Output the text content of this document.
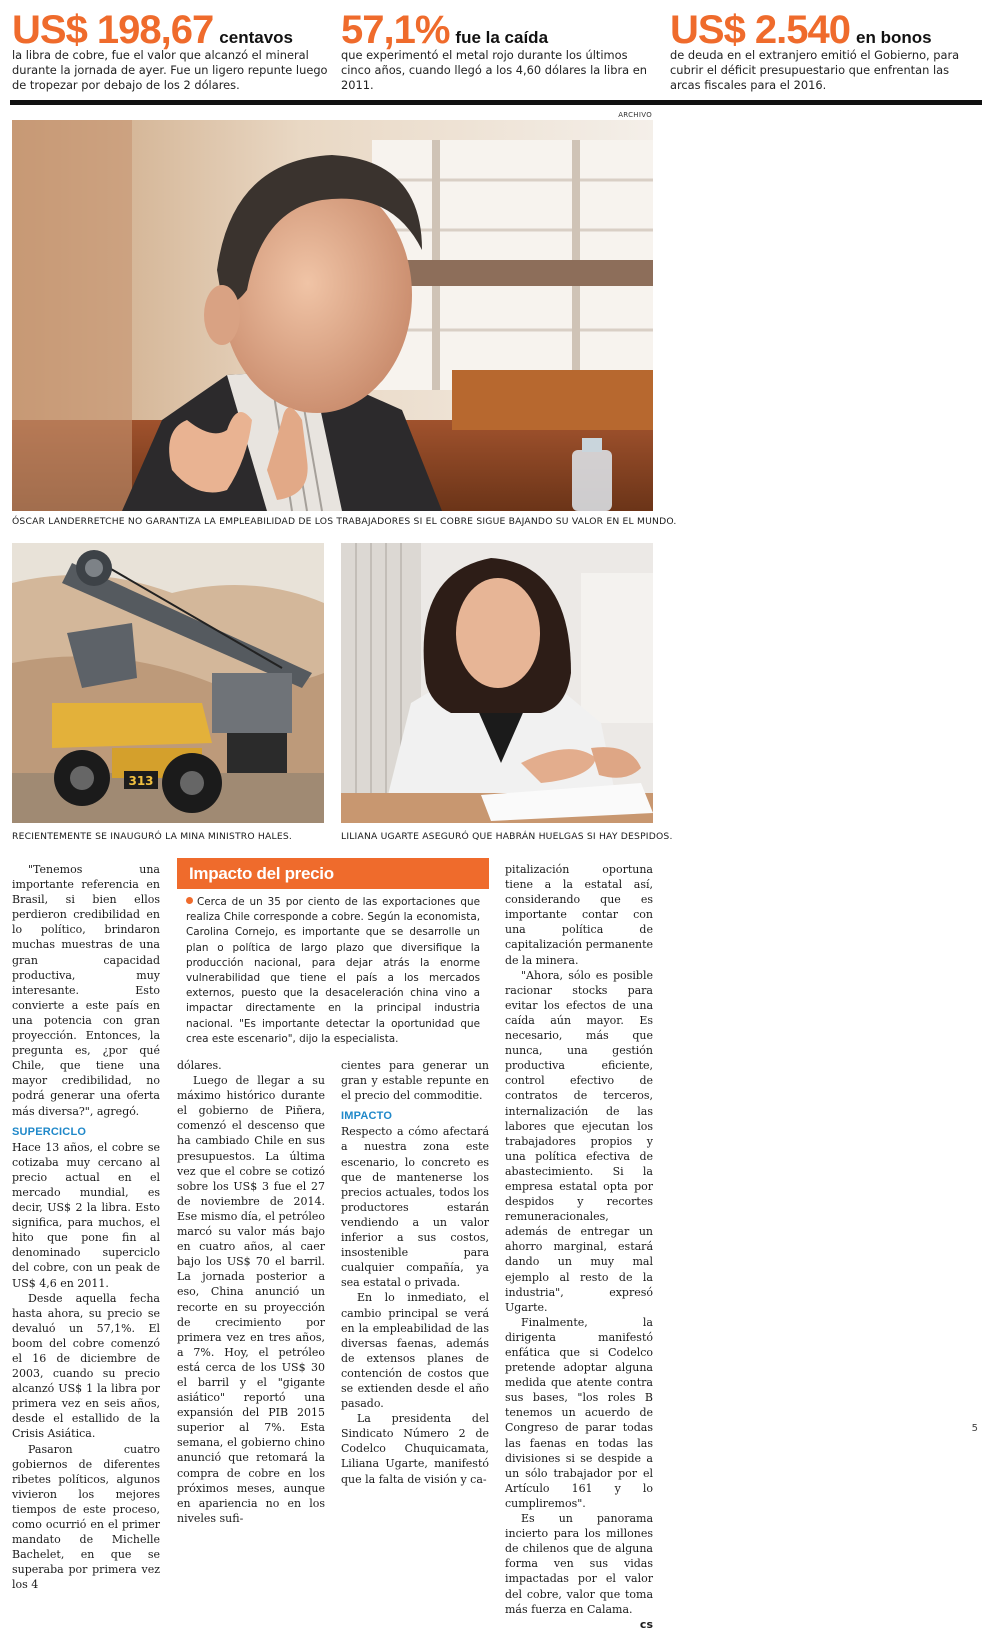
US$ 198,67 centavos
la libra de cobre, fue el valor que alcanzó el mineral durante la jornada de ayer. Fue un ligero repunte luego de tropezar por debajo de los 2 dólares.
57,1% fue la caída
que experimentó el metal rojo durante los últimos cinco años, cuando llegó a los 4,60 dólares la libra en 2011.
US$ 2.540 en bonos
de deuda en el extranjero emitió el Gobierno, para cubrir el déficit presupuestario que enfrentan las arcas fiscales para el 2016.
ARCHIVO
ÓSCAR LANDERRETCHE NO GARANTIZA LA EMPLEABILIDAD DE LOS TRABAJADORES SI EL COBRE SIGUE BAJANDO SU VALOR EN EL MUNDO.
313
RECIENTEMENTE SE INAUGURÓ LA MINA MINISTRO HALES.	LILIANA UGARTE ASEGURÓ QUE HABRÁN HUELGAS SI HAY DESPIDOS.

"Tenemos una importante referencia en Brasil, si bien ellos perdieron credibilidad en lo político, brindaron muchas muestras de una gran capacidad productiva, muy interesante. Esto convierte a este país en una potencia con gran proyección. Entonces, la pregunta es, ¿por qué Chile, que tiene una mayor credibilidad, no podrá generar una oferta más diversa?", agregó.

SUPERCICLO

Hace 13 años, el cobre se cotizaba muy cercano al precio actual en el mercado mundial, es decir, US$ 2 la libra. Esto significa, para muchos, el hito que pone fin al denominado superciclo del cobre, con un peak de US$ 4,6 en 2011.

Desde aquella fecha hasta ahora, su precio se devaluó un 57,1%. El boom del cobre comenzó el 16 de diciembre de 2003, cuando su precio alcanzó US$ 1 la libra por primera vez en seis años, desde el estallido de la Crisis Asiática.

Pasaron cuatro gobiernos de diferentes ribetes políticos, algunos vivieron los mejores tiempos de este proceso, como ocurrió en el primer mandato de Michelle Bachelet, en que se superaba por primera vez los 4

Impacto del precio
Cerca de un 35 por ciento de las exportaciones que realiza Chile corresponde a cobre. Según la economista, Carolina Cornejo, es importante que se desarrolle un plan o política de largo plazo que diversifique la producción nacional, para dejar atrás la enorme vulnerabilidad que tiene el país a los mercados externos, puesto que la desaceleración china vino a impactar directamente en la principal industria nacional. "Es importante detectar la oportunidad que crea este escenario", dijo la especialista.

dólares.

Luego de llegar a su máximo histórico durante el gobierno de Piñera, comenzó el descenso que ha cambiado Chile en sus presupuestos. La última vez que el cobre se cotizó sobre los US$ 3 fue el 27 de noviembre de 2014. Ese mismo día, el petróleo marcó su valor más bajo en cuatro años, al caer bajo los US$ 70 el barril. La jornada posterior a eso, China anunció un recorte en su proyección de crecimiento por primera vez en tres años, a 7%. Hoy, el petróleo está cerca de los US$ 30 el barril y el "gigante asiático" reportó una expansión del PIB 2015 superior al 7%. Esta semana, el gobierno chino anunció que retomará la compra de cobre en los próximos meses, aunque en apariencia no en los niveles sufi-

cientes para generar un gran y estable repunte en el precio del commoditie.

IMPACTO

Respecto a cómo afectará a nuestra zona este escenario, lo concreto es que de mantenerse los precios actuales, todos los productores estarán vendiendo a un valor inferior a sus costos, insostenible para cualquier compañía, ya sea estatal o privada.

En lo inmediato, el cambio principal se verá en la empleabilidad de las diversas faenas, además de extensos planes de contención de costos que se extienden desde el año pasado.

La presidenta del Sindicato Número 2 de Codelco Chuquicamata, Liliana Ugarte, manifestó que la falta de visión y ca-

pitalización oportuna tiene a la estatal así, considerando que es importante contar con una política de capitalización permanente de la minera.

"Ahora, sólo es posible racionar stocks para evitar los efectos de una caída aún mayor. Es necesario, más que nunca, una gestión productiva eficiente, control efectivo de contratos de terceros, internalización de las labores que ejecutan los trabajadores propios y una política efectiva de abastecimiento. Si la empresa estatal opta por despidos y recortes remuneracionales, además de entregar un ahorro marginal, estará dando un muy mal ejemplo al resto de la industria", expresó Ugarte.

Finalmente, la dirigenta manifestó enfática que si Codelco pretende adoptar alguna medida que atente contra sus bases, "los roles B tenemos un acuerdo de Congreso de parar todas las faenas en todas las divisiones si se despide a un sólo trabajador por el Artículo 161 y lo cumpliremos".

Es un panorama incierto para los millones de chilenos que de alguna forma ven sus vidas impactadas por el valor del cobre, valor que toma más fuerza en Calama.

cs
5
